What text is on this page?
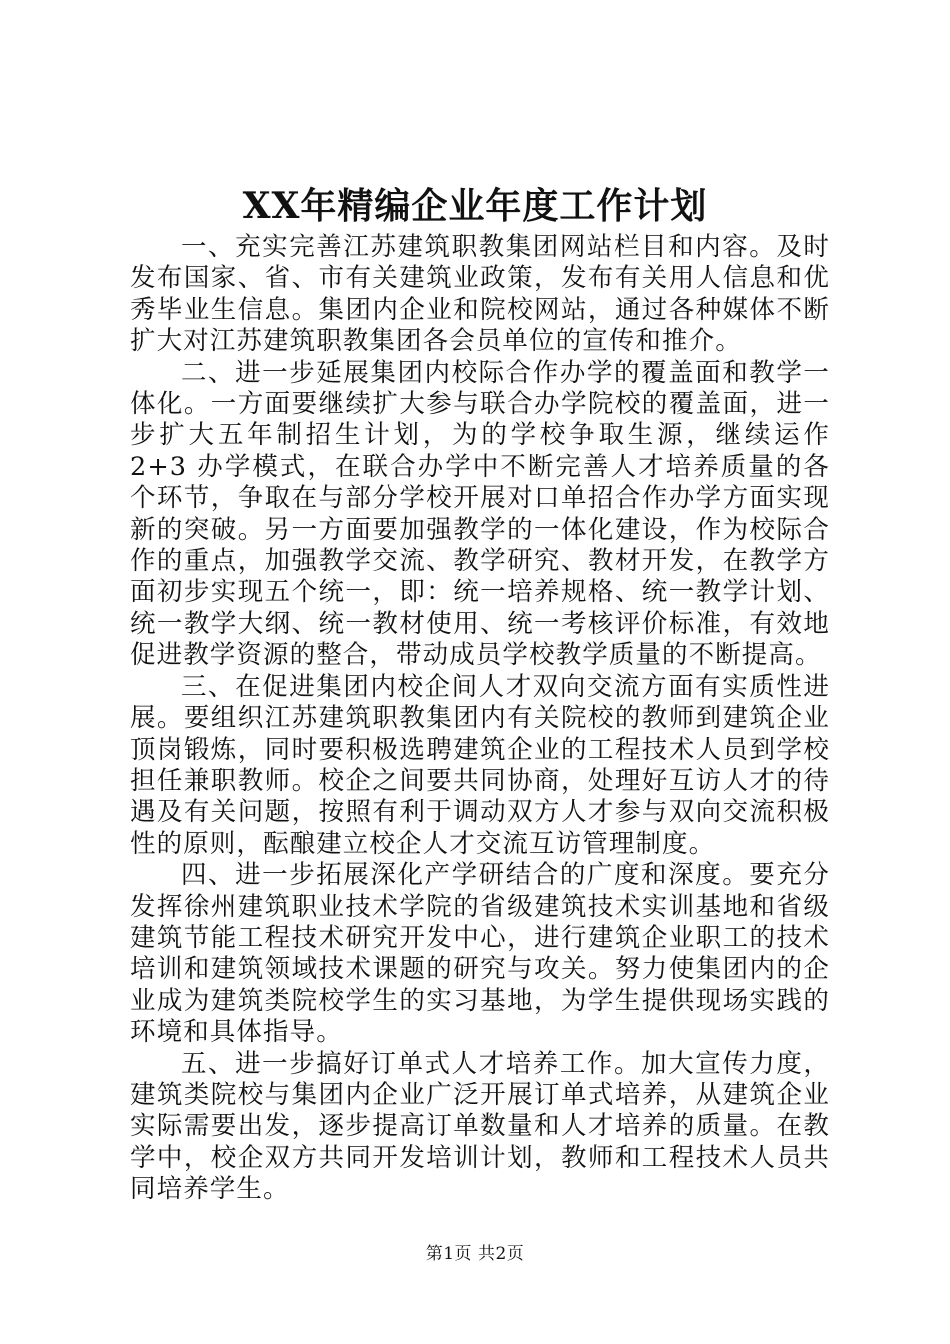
XX年精编企业年度工作计划

一、充实完善江苏建筑职教集团网站栏目和内容。及时发布国家、省、市有关建筑业政策，发布有关用人信息和优秀毕业生信息。集团内企业和院校网站，通过各种媒体不断扩大对江苏建筑职教集团各会员单位的宣传和推介。

二、进一步延展集团内校际合作办学的覆盖面和教学一体化。一方面要继续扩大参与联合办学院校的覆盖面，进一步扩大五年制招生计划，为的学校争取生源，继续运作 2+3 办学模式，在联合办学中不断完善人才培养质量的各个环节，争取在与部分学校开展对口单招合作办学方面实现新的突破。另一方面要加强教学的一体化建设，作为校际合作的重点，加强教学交流、教学研究、教材开发，在教学方面初步实现五个统一，即：统一培养规格、统一教学计划、统一教学大纲、统一教材使用、统一考核评价标准，有效地促进教学资源的整合，带动成员学校教学质量的不断提高。

三、在促进集团内校企间人才双向交流方面有实质性进展。要组织江苏建筑职教集团内有关院校的教师到建筑企业顶岗锻炼，同时要积极选聘建筑企业的工程技术人员到学校担任兼职教师。校企之间要共同协商，处理好互访人才的待遇及有关问题，按照有利于调动双方人才参与双向交流积极性的原则，酝酿建立校企人才交流互访管理制度。

四、进一步拓展深化产学研结合的广度和深度。要充分发挥徐州建筑职业技术学院的省级建筑技术实训基地和省级建筑节能工程技术研究开发中心，进行建筑企业职工的技术培训和建筑领域技术课题的研究与攻关。努力使集团内的企业成为建筑类院校学生的实习基地，为学生提供现场实践的环境和具体指导。

五、进一步搞好订单式人才培养工作。加大宣传力度，建筑类院校与集团内企业广泛开展订单式培养，从建筑企业实际需要出发，逐步提高订单数量和人才培养的质量。在教学中，校企双方共同开发培训计划，教师和工程技术人员共同培养学生。

第1页 共2页
